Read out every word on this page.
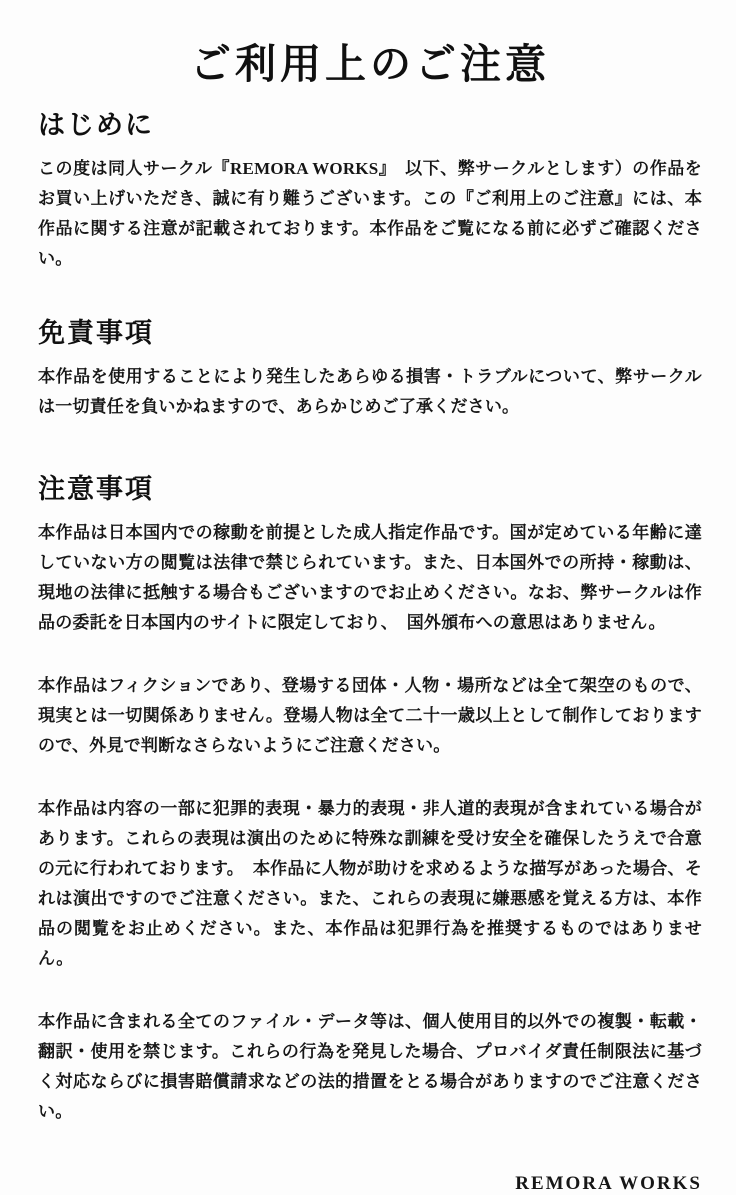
ご利用上のご注意
はじめに

この度は同人サークル『REMORA WORKS』　以下、弊サークルとします）の作品をお買い上げいただき、誠に有り難うございます。この『ご利用上のご注意』には、本作品に関する注意が記載されております。本作品をご覧になる前に必ずご確認ください。

免責事項

本作品を使用することにより発生したあらゆる損害・トラブルについて、弊サークルは一切責任を負いかねますので、あらかじめご了承ください。

注意事項

本作品は日本国内での稼動を前提とした成人指定作品です。国が定めている年齢に達していない方の閲覧は法律で禁じられています。また、日本国外での所持・稼動は、現地の法律に抵触する場合もございますのでお止めください。なお、弊サークルは作品の委託を日本国内のサイトに限定しており、　国外頒布への意思はありません。

本作品はフィクションであり、登場する団体・人物・場所などは全て架空のもので、現実とは一切関係ありません。登場人物は全て二十一歳以上として制作しておりますので、外見で判断なさらないようにご注意ください。

本作品は内容の一部に犯罪的表現・暴力的表現・非人道的表現が含まれている場合があります。これらの表現は演出のために特殊な訓練を受け安全を確保したうえで合意の元に行われております。　本作品に人物が助けを求めるような描写があった場合、それは演出ですのでご注意ください。また、これらの表現に嫌悪感を覚える方は、本作品の閲覧をお止めください。また、本作品は犯罪行為を推奨するものではありません。

本作品に含まれる全てのファイル・データ等は、個人使用目的以外での複製・転載・翻訳・使用を禁じます。これらの行為を発見した場合、プロバイダ責任制限法に基づく対応ならびに損害賠償請求などの法的措置をとる場合がありますのでご注意ください。

REMORA WORKS
